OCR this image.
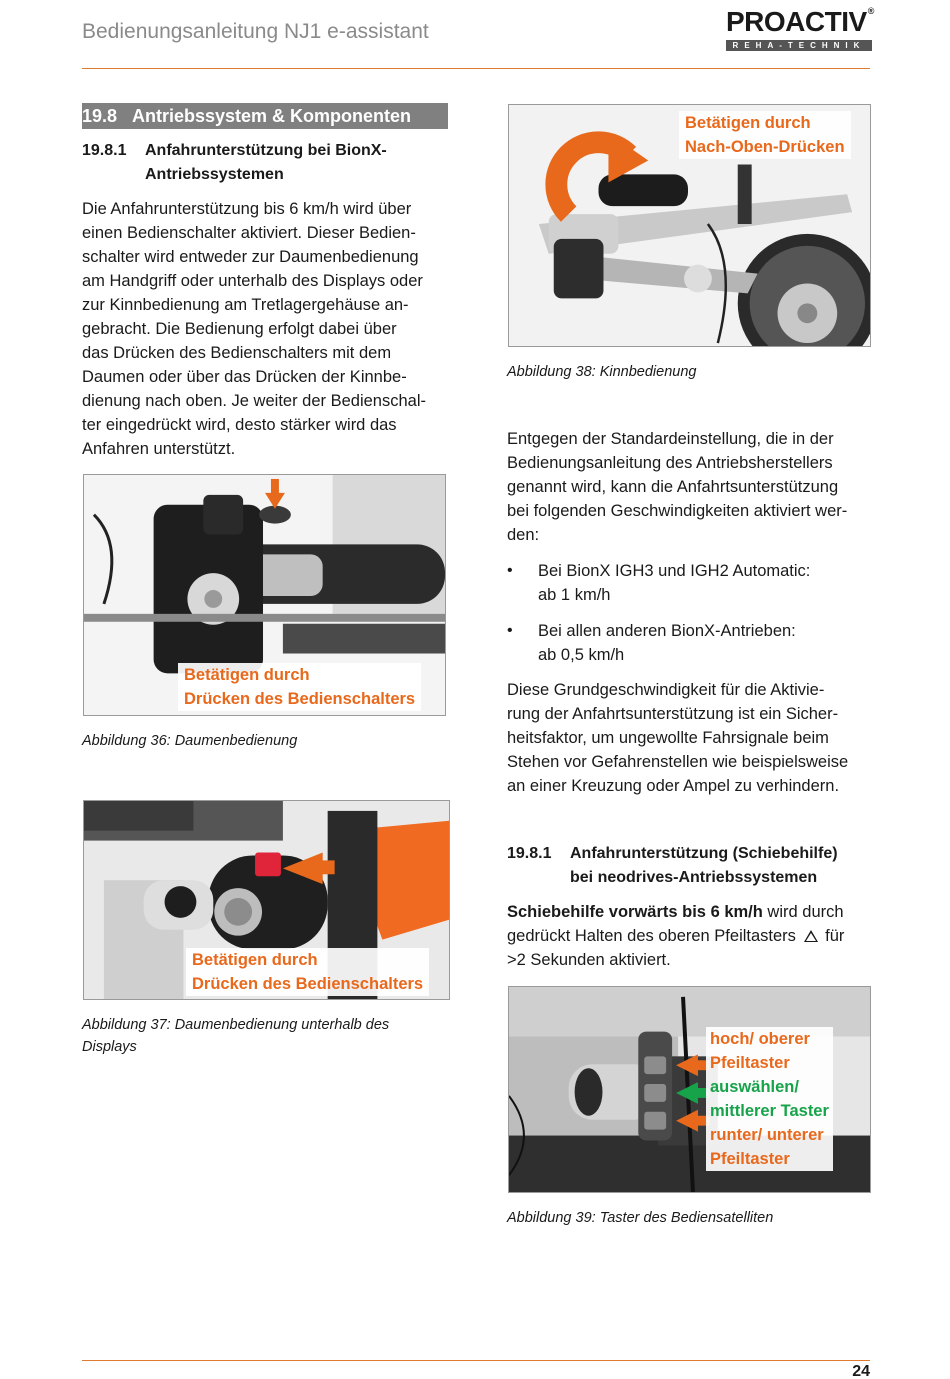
Bedienungsanleitung NJ1 e-assistant	PROACTIV®
REHA-TECHNIK
19.8 Antriebssystem & Komponenten
19.8.1 Anfahrunterstützung bei BionX-
Antriebssystemen
Die Anfahrunterstützung bis 6 km/h wird über
einen Bedienschalter aktiviert. Dieser Bedien-
schalter wird entweder zur Daumenbedienung
am Handgriff oder unterhalb des Displays oder
zur Kinnbedienung am Tretlagergehäuse an-
gebracht. Die Bedienung erfolgt dabei über
das Drücken des Bedienschalters mit dem
Daumen oder über das Drücken der Kinnbe-
dienung nach oben. Je weiter der Bedienschal-
ter eingedrückt wird, desto stärker wird das
Anfahren unterstützt.
Betätigen durch
Drücken des Bedienschalters
Abbildung 36: Daumenbedienung
Betätigen durch
Drücken des Bedienschalters
Abbildung 37: Daumenbedienung unterhalb des
Displays
Betätigen durch
Nach-Oben-Drücken
Abbildung 38: Kinnbedienung
Entgegen der Standardeinstellung, die in der
Bedienungsanleitung des Antriebsherstellers
genannt wird, kann die Anfahrtsunterstützung
bei folgenden Geschwindigkeiten aktiviert wer-
den:
• Bei BionX IGH3 und IGH2 Automatic:
ab 1 km/h
• Bei allen anderen BionX-Antrieben:
ab 0,5 km/h
Diese Grundgeschwindigkeit für die Aktivie-
rung der Anfahrtsunterstützung ist ein Sicher-
heitsfaktor, um ungewollte Fahrsignale beim
Stehen vor Gefahrenstellen wie beispielsweise
an einer Kreuzung oder Ampel zu verhindern.
19.8.1 Anfahrunterstützung (Schiebehilfe)
bei neodrives-Antriebssystemen
Schiebehilfe vorwärts bis 6 km/h wird durch
gedrückt Halten des oberen Pfeiltasters für
>2 Sekunden aktiviert.
hoch/ oberer
Pfeiltaster
auswählen/
mittlerer Taster
runter/ unterer
Pfeiltaster
Abbildung 39: Taster des Bediensatelliten
24
